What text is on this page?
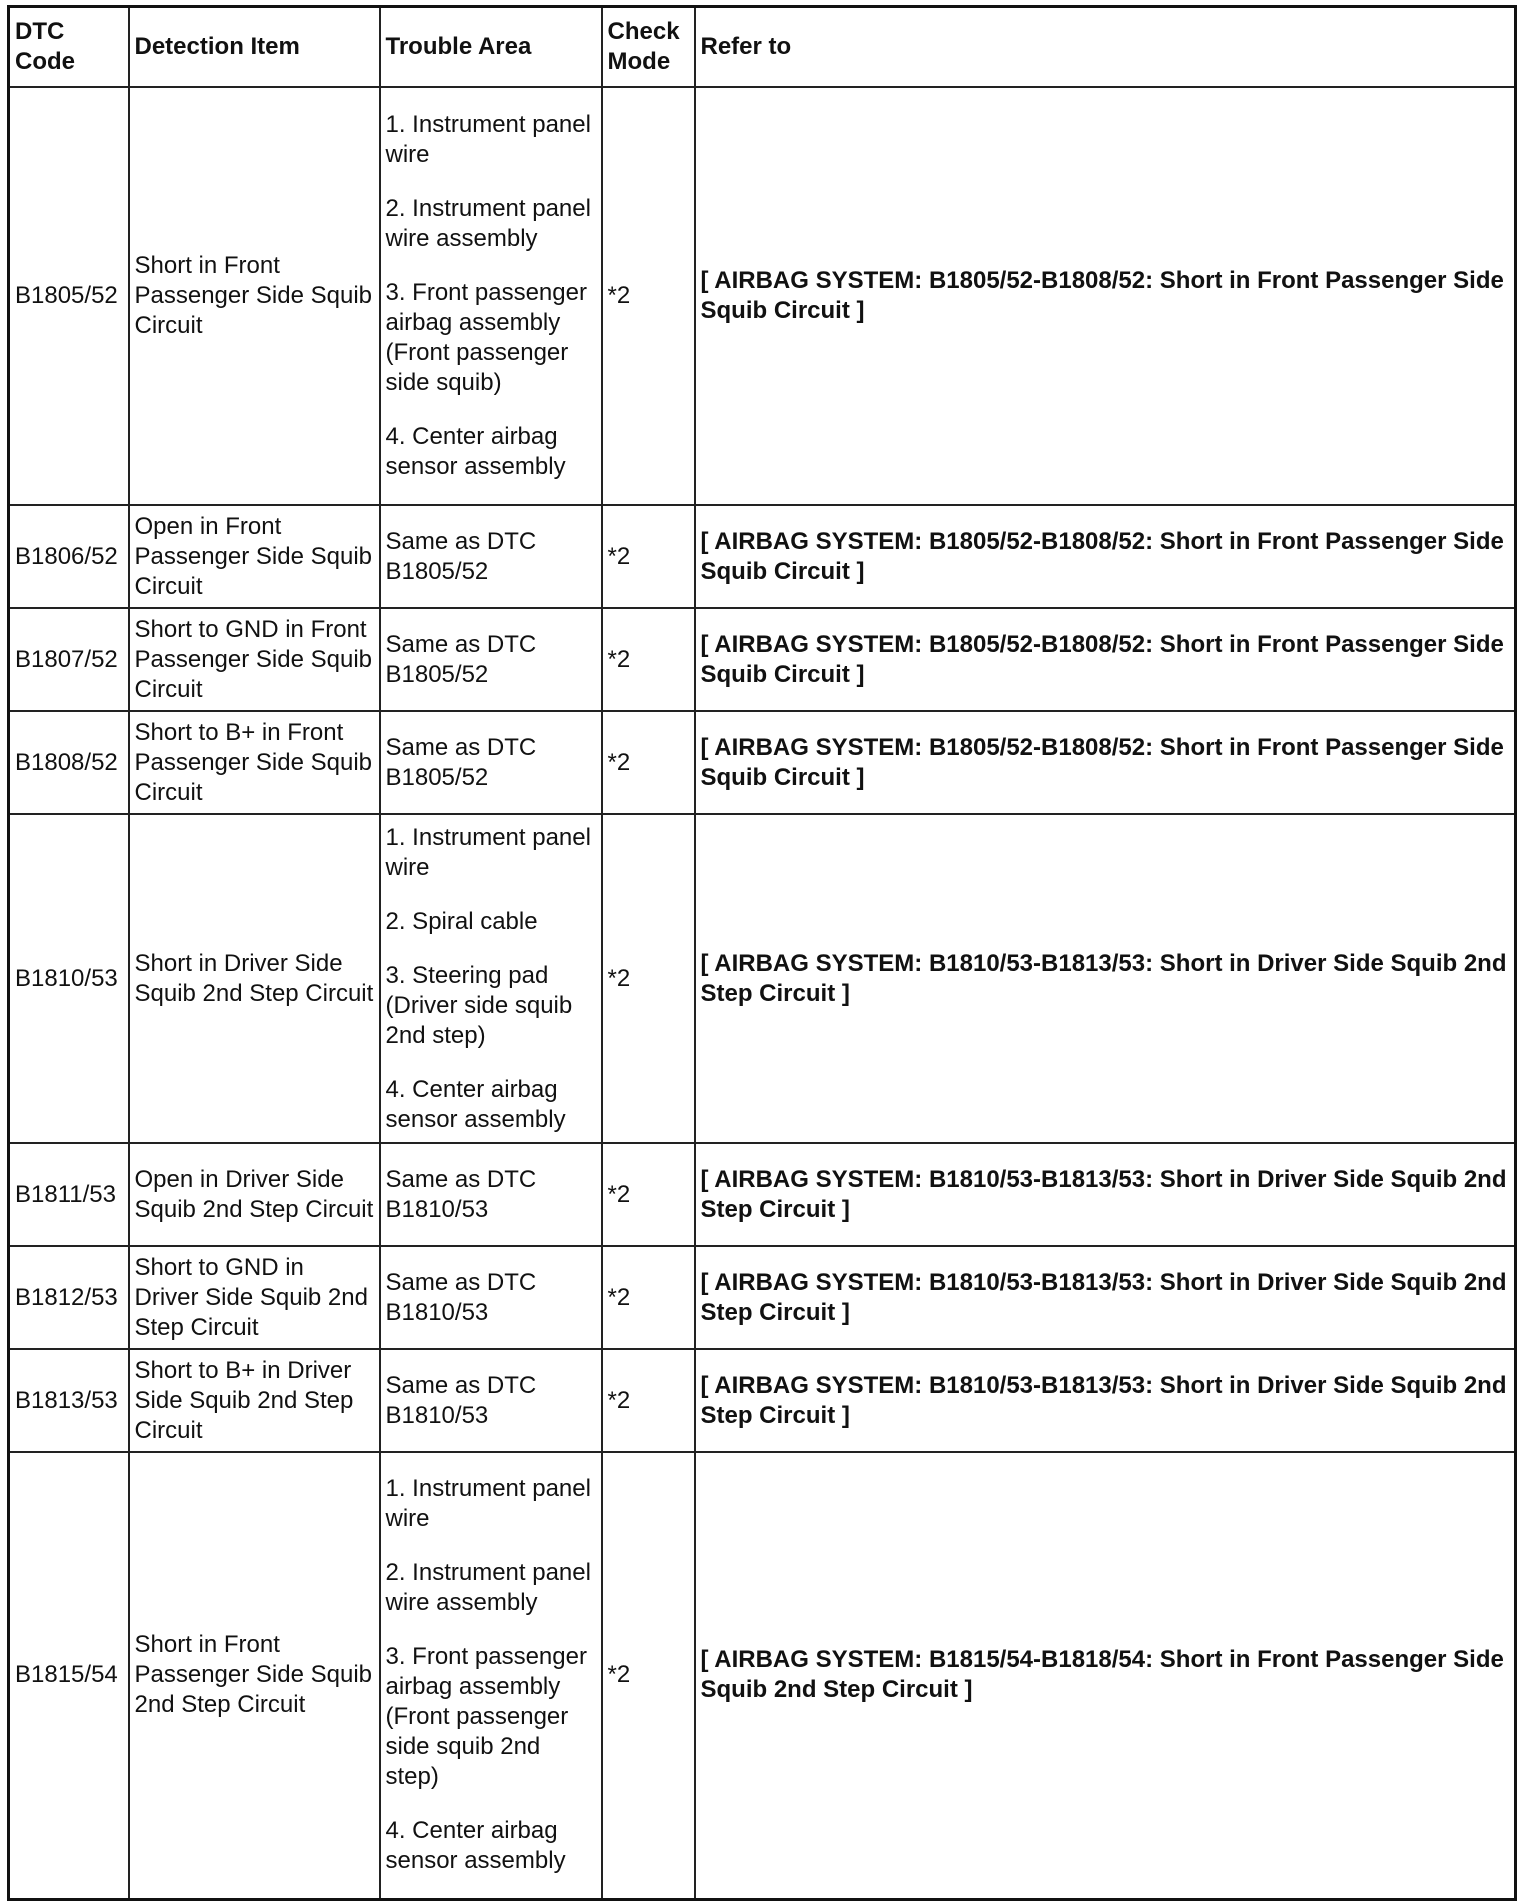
DTC Code	Detection Item	Trouble Area	Check Mode	Refer to
B1805/52	Short in Front Passenger Side Squib Circuit	1. Instrument panel wire

2. Instrument panel wire assembly

3. Front passenger airbag assembly (Front passenger side squib)

4. Center airbag sensor assembly	*2	[ AIRBAG SYSTEM: B1805/52-B1808/52: Short in Front Passenger Side Squib Circuit ]
B1806/52	Open in Front Passenger Side Squib Circuit	Same as DTC B1805/52	*2	[ AIRBAG SYSTEM: B1805/52-B1808/52: Short in Front Passenger Side Squib Circuit ]
B1807/52	Short to GND in Front Passenger Side Squib Circuit	Same as DTC B1805/52	*2	[ AIRBAG SYSTEM: B1805/52-B1808/52: Short in Front Passenger Side Squib Circuit ]
B1808/52	Short to B+ in Front Passenger Side Squib Circuit	Same as DTC B1805/52	*2	[ AIRBAG SYSTEM: B1805/52-B1808/52: Short in Front Passenger Side Squib Circuit ]
B1810/53	Short in Driver Side Squib 2nd Step Circuit	1. Instrument panel wire

2. Spiral cable

3. Steering pad (Driver side squib 2nd step)

4. Center airbag sensor assembly	*2	[ AIRBAG SYSTEM: B1810/53-B1813/53: Short in Driver Side Squib 2nd Step Circuit ]
B1811/53	Open in Driver Side Squib 2nd Step Circuit	Same as DTC B1810/53	*2	[ AIRBAG SYSTEM: B1810/53-B1813/53: Short in Driver Side Squib 2nd Step Circuit ]
B1812/53	Short to GND in Driver Side Squib 2nd Step Circuit	Same as DTC B1810/53	*2	[ AIRBAG SYSTEM: B1810/53-B1813/53: Short in Driver Side Squib 2nd Step Circuit ]
B1813/53	Short to B+ in Driver Side Squib 2nd Step Circuit	Same as DTC B1810/53	*2	[ AIRBAG SYSTEM: B1810/53-B1813/53: Short in Driver Side Squib 2nd Step Circuit ]
B1815/54	Short in Front Passenger Side Squib 2nd Step Circuit	1. Instrument panel wire

2. Instrument panel wire assembly

3. Front passenger airbag assembly (Front passenger side squib 2nd step)

4. Center airbag sensor assembly	*2	[ AIRBAG SYSTEM: B1815/54-B1818/54: Short in Front Passenger Side Squib 2nd Step Circuit ]
